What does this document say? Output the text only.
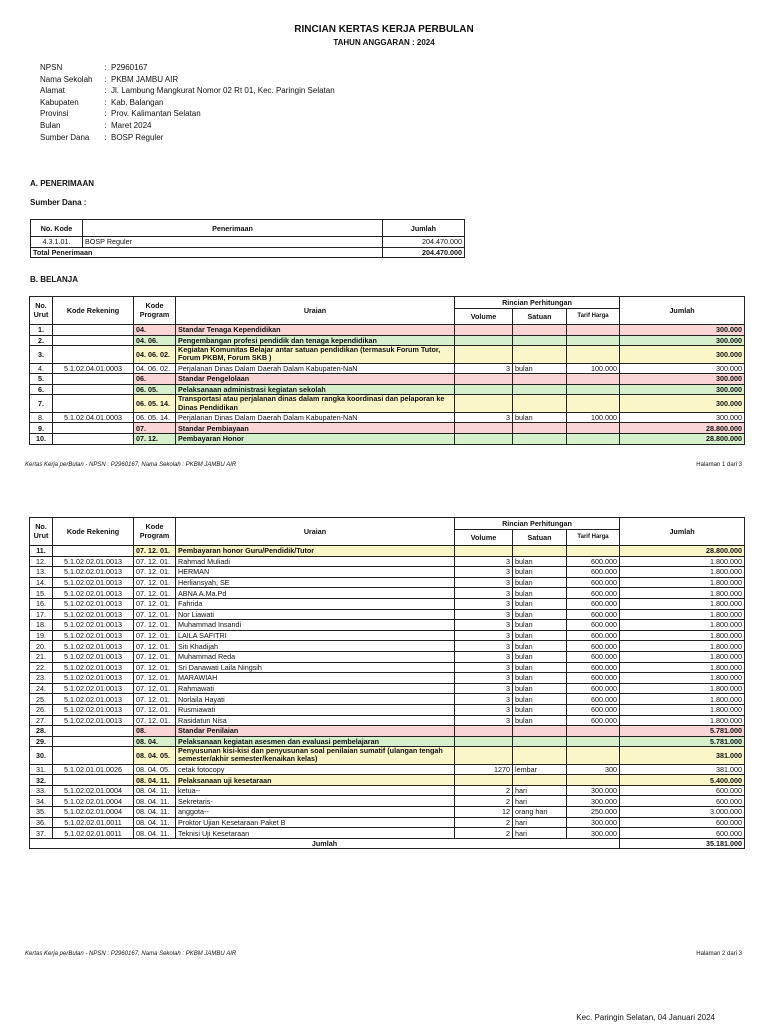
RINCIAN KERTAS KERJA PERBULAN
TAHUN ANGGARAN : 2024
NPSN	: P2960167
Nama Sekolah	: PKBM JAMBU AIR
Alamat	: Jl. Lambung Mangkurat Nomor 02 Rt 01, Kec. Paringin Selatan
Kabupaten	: Kab. Balangan
Provinsi	: Prov. Kalimantan Selatan
Bulan	: Maret 2024
Sumber Dana	: BOSP Reguler
A. PENERIMAAN
Sumber Dana :
No. Kode	Penerimaan	Jumlah
4.3.1.01.	BOSP Reguler	204.470.000
Total Penerimaan		204.470.000
B. BELANJA
No. Urut	Kode Rekening	Kode Program	Uraian	Rincian Perhitungan			Jumlah
				Volume	Satuan	Tarif Harga	
1.		04.	Standar Tenaga Kependidikan				300.000
2.		04. 06.	Pengembangan profesi pendidik dan tenaga kependidikan				300.000
3.		04. 06. 02.	Kegiatan Komunitas Belajar antar satuan pendidikan (termasuk Forum Tutor, Forum PKBM, Forum SKB )				300.000
4.	5.1.02.04.01.0003	04. 06. 02.	Perjalanan Dinas Dalam Daerah Dalam Kabupaten-NaN	3	bulan	100.000	300.000
5.		06.	Standar Pengelolaan				300.000
6.		06. 05.	Pelaksanaan administrasi kegiatan sekolah				300.000
7.		06. 05. 14.	Transportasi atau perjalanan dinas dalam rangka koordinasi dan pelaporan ke Dinas Pendidikan				300.000
8.	5.1.02.04.01.0003	06. 05. 14.	Perjalanan Dinas Dalam Daerah Dalam Kabupaten-NaN	3	bulan	100.000	300.000
9.		07.	Standar Pembiayaan				28.800.000
10.		07. 12.	Pembayaran Honor				28.800.000
Kertas Kerja perBulan - NPSN : P2960167, Nama Sekolah : PKBM JAMBU AIR	Halaman 1 dari 3
No. Urut	Kode Rekening	Kode Program	Uraian	Rincian Perhitungan			Jumlah
				Volume	Satuan	Tarif Harga	
11.		07. 12. 01.	Pembayaran honor Guru/Pendidik/Tutor				28.800.000
12.	5.1.02.02.01.0013	07. 12. 01.	Rahmad Muliadi	3	bulan	600.000	1.800.000
13.	5.1.02.02.01.0013	07. 12. 01.	HERMAN	3	bulan	600.000	1.800.000
14.	5.1.02.02.01.0013	07. 12. 01.	Herliansyah, SE	3	bulan	600.000	1.800.000
15.	5.1.02.02.01.0013	07. 12. 01.	ABNA A.Ma.Pd	3	bulan	600.000	1.800.000
16.	5.1.02.02.01.0013	07. 12. 01.	Fahrida	3	bulan	600.000	1.800.000
17.	5.1.02.02.01.0013	07. 12. 01.	Nor Liawati	3	bulan	600.000	1.800.000
18.	5.1.02.02.01.0013	07. 12. 01.	Muhammad Insandi	3	bulan	600.000	1.800.000
19.	5.1.02.02.01.0013	07. 12. 01.	LAILA SAFITRI	3	bulan	600.000	1.800.000
20.	5.1.02.02.01.0013	07. 12. 01.	Siti Khadijah	3	bulan	600.000	1.800.000
21.	5.1.02.02.01.0013	07. 12. 01.	Muhammad Reda	3	bulan	600.000	1.800.000
22.	5.1.02.02.01.0013	07. 12. 01.	Sri Danawati Laila Ningsih	3	bulan	600.000	1.800.000
23.	5.1.02.02.01.0013	07. 12. 01.	MARAWIAH	3	bulan	600.000	1.800.000
24.	5.1.02.02.01.0013	07. 12. 01.	Rahmawati	3	bulan	600.000	1.800.000
25.	5.1.02.02.01.0013	07. 12. 01.	Norlaila Hayati	3	bulan	600.000	1.800.000
26.	5.1.02.02.01.0013	07. 12. 01.	Rusmiawati	3	bulan	600.000	1.800.000
27.	5.1.02.02.01.0013	07. 12. 01.	Rasidatun Nisa	3	bulan	600.000	1.800.000
28.		08.	Standar Penilaian				5.781.000
29.		08. 04.	Pelaksanaan kegiatan asesmen dan evaluasi pembelajaran				5.781.000
30.		08. 04. 05.	Penyusunan kisi-kisi dan penyusunan soal penilaian sumatif (ulangan tengah semester/akhir semester/kenaikan kelas)				381.000
31.	5.1.02.01.01.0026	08. 04. 05.	cetak fotocopy	1270	lembar	300	381.000
32.		08. 04. 11.	Pelaksanaan uji kesetaraan				5.400.000
33.	5.1.02.02.01.0004	08. 04. 11.	ketua--	2	hari	300.000	600.000
34.	5.1.02.02.01.0004	08. 04. 11.	Sekretaris-	2	hari	300.000	600.000
35.	5.1.02.02.01.0004	08. 04. 11.	anggota--	12	orang hari	250.000	3.000.000
36.	5.1.02.02.01.0011	08. 04. 11.	Proktor Ujian Kesetaraan Paket B	2	hari	300.000	600.000
37.	5.1.02.02.01.0011	08. 04. 11.	Teknisi Uji Kesetaraan	2	hari	300.000	600.000
Jumlah							35.181.000
Kertas Kerja perBulan - NPSN : P2960167, Nama Sekolah : PKBM JAMBU AIR	Halaman 2 dari 3
Kec. Paringin Selatan, 04 Januari 2024
